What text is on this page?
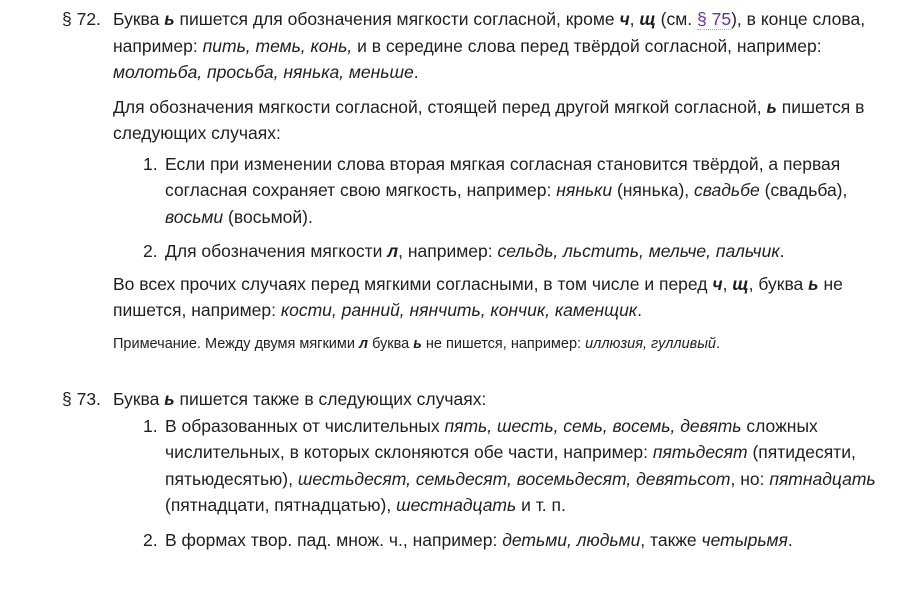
§ 72. Буква ь пишется для обозначения мягкости согласной, кроме ч, щ (см. § 75), в конце слова, например: пить, темь, конь, и в середине слова перед твёрдой согласной, например: молотьба, просьба, нянька, меньше.

Для обозначения мягкости согласной, стоящей перед другой мягкой согласной, ь пишется в следующих случаях:

1. Если при изменении слова вторая мягкая согласная становится твёрдой, а первая согласная сохраняет свою мягкость, например: няньки (нянька), свадьбе (свадьба), восьми (восьмой).
2. Для обозначения мягкости л, например: сельдь, льстить, мельче, пальчик.

Во всех прочих случаях перед мягкими согласными, в том числе и перед ч, щ, буква ь не пишется, например: кости, ранний, нянчить, кончик, каменщик.

Примечание. Между двумя мягкими л буква ь не пишется, например: иллюзия, гулливый.

§ 73. Буква ь пишется также в следующих случаях:

1. В образованных от числительных пять, шесть, семь, восемь, девять сложных числительных, в которых склоняются обе части, например: пятьдесят (пятидесяти, пятьюдесятью), шестьдесят, семьдесят, восемьдесят, девятьсот, но: пятнадцать (пятнадцати, пятнадцатью), шестнадцать и т. п.
2. В формах твор. пад. множ. ч., например: детьми, людьми, также четырьмя.
